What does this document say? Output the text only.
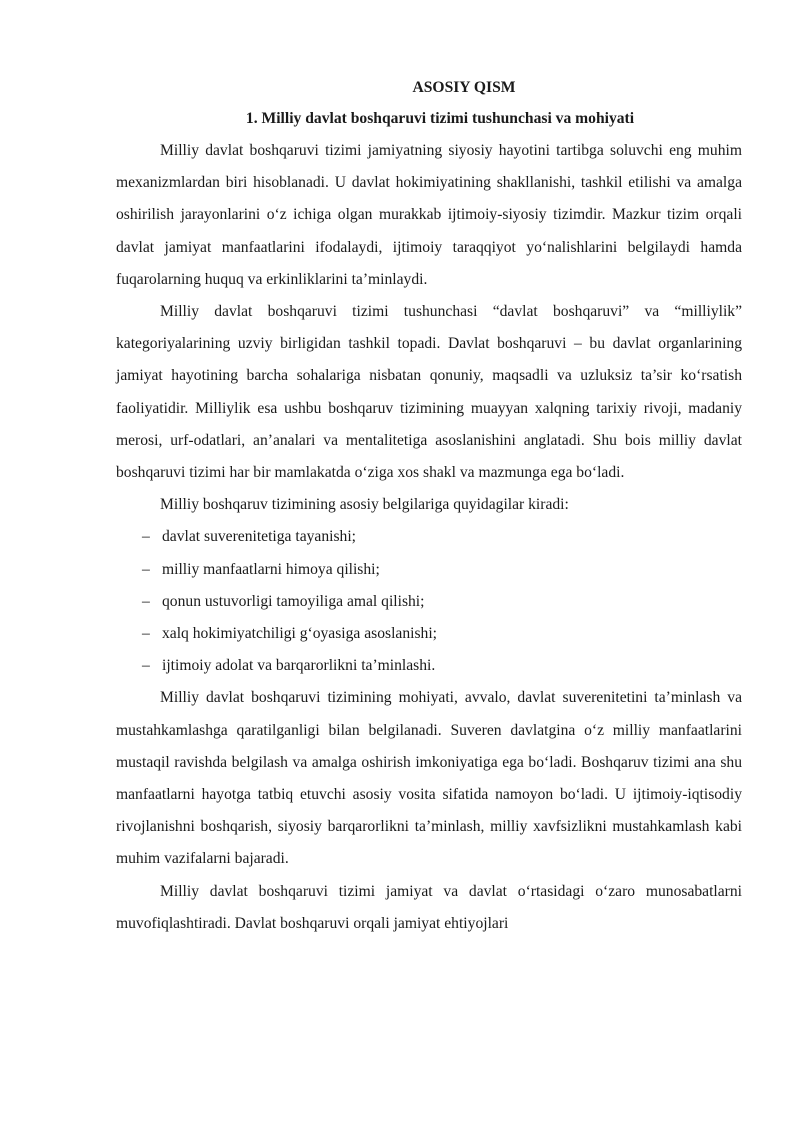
ASOSIY QISM
1. Milliy davlat boshqaruvi tizimi tushunchasi va mohiyati

Milliy davlat boshqaruvi tizimi jamiyatning siyosiy hayotini tartibga soluvchi eng muhim mexanizmlardan biri hisoblanadi. U davlat hokimiyatining shakllanishi, tashkil etilishi va amalga oshirilish jarayonlarini o‘z ichiga olgan murakkab ijtimoiy-siyosiy tizimdir. Mazkur tizim orqali davlat jamiyat manfaatlarini ifodalaydi, ijtimoiy taraqqiyot yo‘nalishlarini belgilaydi hamda fuqarolarning huquq va erkinliklarini ta’minlaydi.

Milliy davlat boshqaruvi tizimi tushunchasi “davlat boshqaruvi” va “milliylik” kategoriyalarining uzviy birligidan tashkil topadi. Davlat boshqaruvi – bu davlat organlarining jamiyat hayotining barcha sohalariga nisbatan qonuniy, maqsadli va uzluksiz ta’sir ko‘rsatish faoliyatidir. Milliylik esa ushbu boshqaruv tizimining muayyan xalqning tarixiy rivoji, madaniy merosi, urf-odatlari, an’analari va mentalitetiga asoslanishini anglatadi. Shu bois milliy davlat boshqaruvi tizimi har bir mamlakatda o‘ziga xos shakl va mazmunga ega bo‘ladi.

Milliy boshqaruv tizimining asosiy belgilariga quyidagilar kiradi:

– davlat suverenitetiga tayanishi;
– milliy manfaatlarni himoya qilishi;
– qonun ustuvorligi tamoyiliga amal qilishi;
– xalq hokimiyatchiligi g‘oyasiga asoslanishi;
– ijtimoiy adolat va barqarorlikni ta’minlashi.

Milliy davlat boshqaruvi tizimining mohiyati, avvalo, davlat suverenitetini ta’minlash va mustahkamlashga qaratilganligi bilan belgilanadi. Suveren davlatgina o‘z milliy manfaatlarini mustaqil ravishda belgilash va amalga oshirish imkoniyatiga ega bo‘ladi. Boshqaruv tizimi ana shu manfaatlarni hayotga tatbiq etuvchi asosiy vosita sifatida namoyon bo‘ladi. U ijtimoiy-iqtisodiy rivojlanishni boshqarish, siyosiy barqarorlikni ta’minlash, milliy xavfsizlikni mustahkamlash kabi muhim vazifalarni bajaradi.

Milliy davlat boshqaruvi tizimi jamiyat va davlat o‘rtasidagi o‘zaro munosabatlarni muvofiqlashtiradi. Davlat boshqaruvi orqali jamiyat ehtiyojlari
